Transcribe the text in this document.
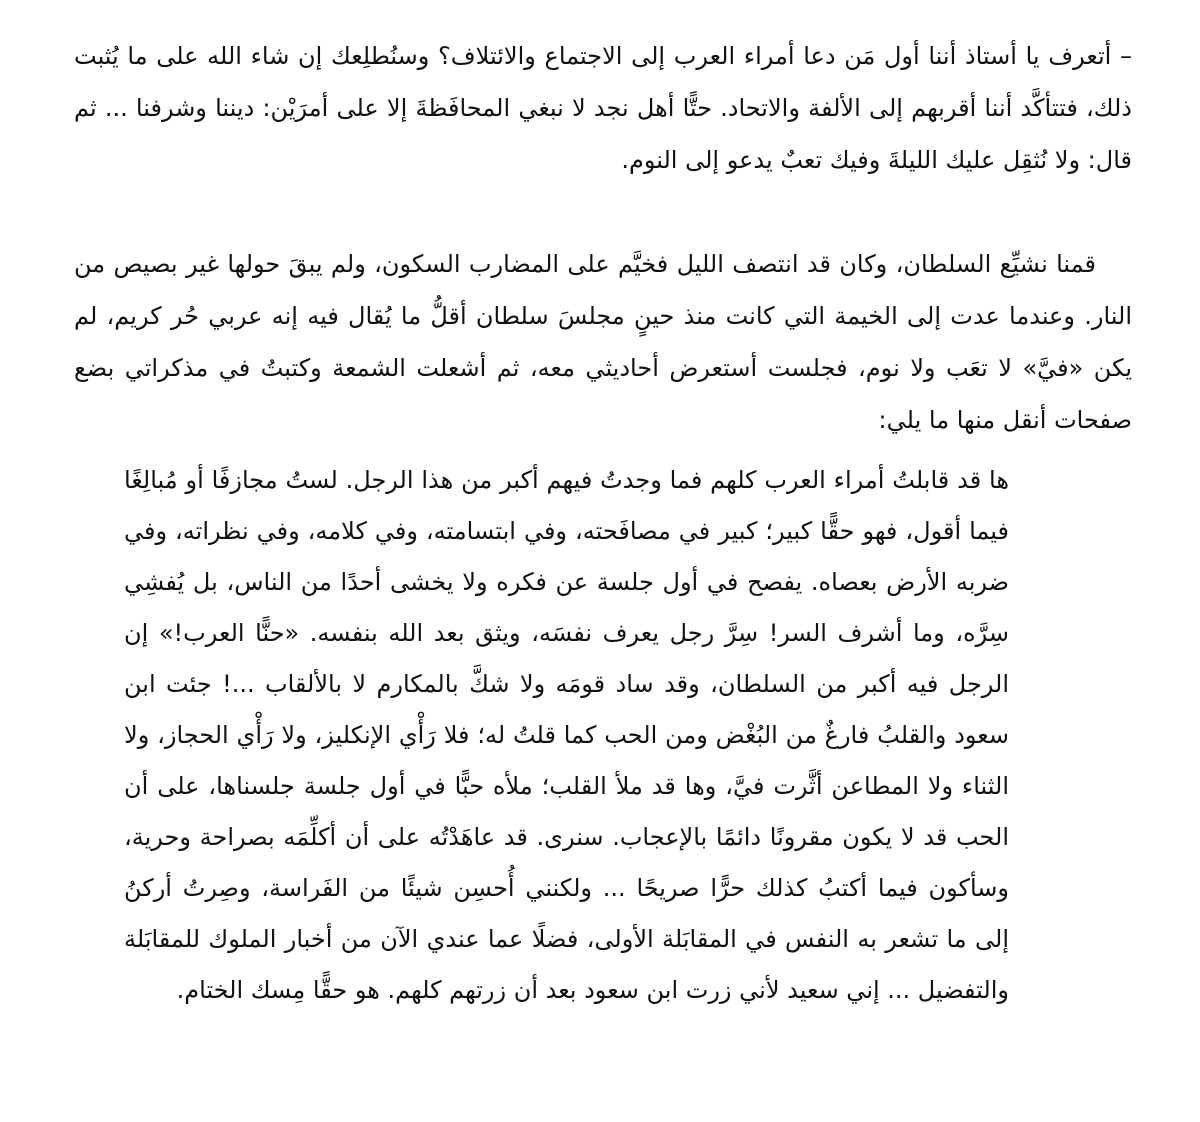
– أتعرف يا أستاذ أننا أول مَن دعا أمراء العرب إلى الاجتماع والائتلاف؟ وسنُطلِعك إن شاء الله على ما يُثبت ذلك، فتتأكَّد أننا أقربهم إلى الألفة والاتحاد. حتًّا أهل نجد لا نبغي المحافَظةَ إلا على أمرَيْن: ديننا وشرفنا ... ثم قال: ولا نُثقِل عليك الليلةَ وفيك تعبٌ يدعو إلى النوم.

قمنا نشيِّع السلطان، وكان قد انتصف الليل فخيَّم على المضارب السكون، ولم يبقَ حولها غير بصيص من النار. وعندما عدت إلى الخيمة التي كانت منذ حينٍ مجلسَ سلطان أقلُّ ما يُقال فيه إنه عربي حُر كريم، لم يكن «فيَّ» لا تعَب ولا نوم، فجلست أستعرض أحاديثي معه، ثم أشعلت الشمعة وكتبتُ في مذكراتي بضع صفحات أنقل منها ما يلي:

ها قد قابلتُ أمراء العرب كلهم فما وجدتُ فيهم أكبر من هذا الرجل. لستُ مجازفًا أو مُبالِغًا فيما أقول، فهو حقًّا كبير؛ كبير في مصافَحته، وفي ابتسامته، وفي كلامه، وفي نظراته، وفي ضربه الأرض بعصاه. يفصح في أول جلسة عن فكره ولا يخشى أحدًا من الناس، بل يُفشِي سِرَّه، وما أشرف السر! سِرَّ رجل يعرف نفسَه، ويثق بعد الله بنفسه. «حنًّا العرب!» إن الرجل فيه أكبر من السلطان، وقد ساد قومَه ولا شكَّ بالمكارم لا بالألقاب ...! جئت ابن سعود والقلبُ فارغٌ من البُغْض ومن الحب كما قلتُ له؛ فلا رَأْي الإنكليز، ولا رَأْي الحجاز، ولا الثناء ولا المطاعن أثَّرت فيَّ، وها قد ملأ القلب؛ ملأه حبًّا في أول جلسة جلسناها، على أن الحب قد لا يكون مقرونًا دائمًا بالإعجاب. سنرى. قد عاهَدْتُه على أن أكلِّمَه بصراحة وحرية، وسأكون فيما أكتبُ كذلك حرًّا صريحًا ... ولكنني أُحسِن شيئًا من الفَراسة، وصِرتُ أركنُ إلى ما تشعر به النفس في المقابَلة الأولى، فضلًا عما عندي الآن من أخبار الملوك للمقابَلة والتفضيل ... إني سعيد لأني زرت ابن سعود بعد أن زرتهم كلهم. هو حقًّا مِسك الختام.
